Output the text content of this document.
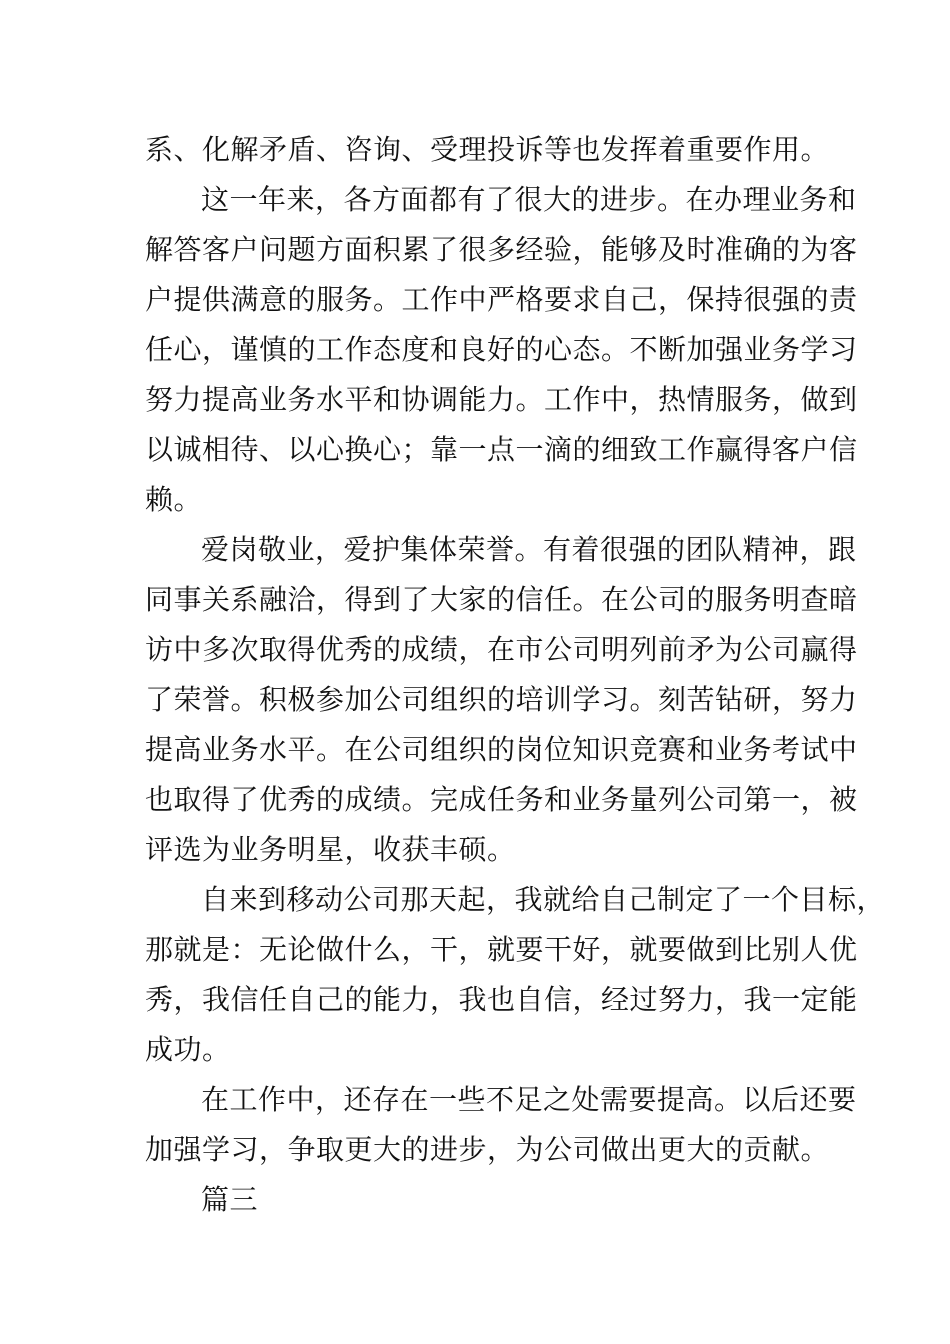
系、化解矛盾、咨询、受理投诉等也发挥着重要作用。
这一年来，各方面都有了很大的进步。在办理业务和
解答客户问题方面积累了很多经验，能够及时准确的为客
户提供满意的服务。工作中严格要求自己，保持很强的责
任心，谨慎的工作态度和良好的心态。不断加强业务学习
努力提高业务水平和协调能力。工作中，热情服务，做到
以诚相待、以心换心；靠一点一滴的细致工作赢得客户信
赖。
爱岗敬业，爱护集体荣誉。有着很强的团队精神，跟
同事关系融洽，得到了大家的信任。在公司的服务明查暗
访中多次取得优秀的成绩，在市公司明列前矛为公司赢得
了荣誉。积极参加公司组织的培训学习。刻苦钻研，努力
提高业务水平。在公司组织的岗位知识竞赛和业务考试中
也取得了优秀的成绩。完成任务和业务量列公司第一，被
评选为业务明星，收获丰硕。
自来到移动公司那天起，我就给自己制定了一个目标，
那就是：无论做什么，干，就要干好，就要做到比别人优
秀，我信任自己的能力，我也自信，经过努力，我一定能
成功。
在工作中，还存在一些不足之处需要提高。以后还要
加强学习，争取更大的进步，为公司做出更大的贡献。
篇三
